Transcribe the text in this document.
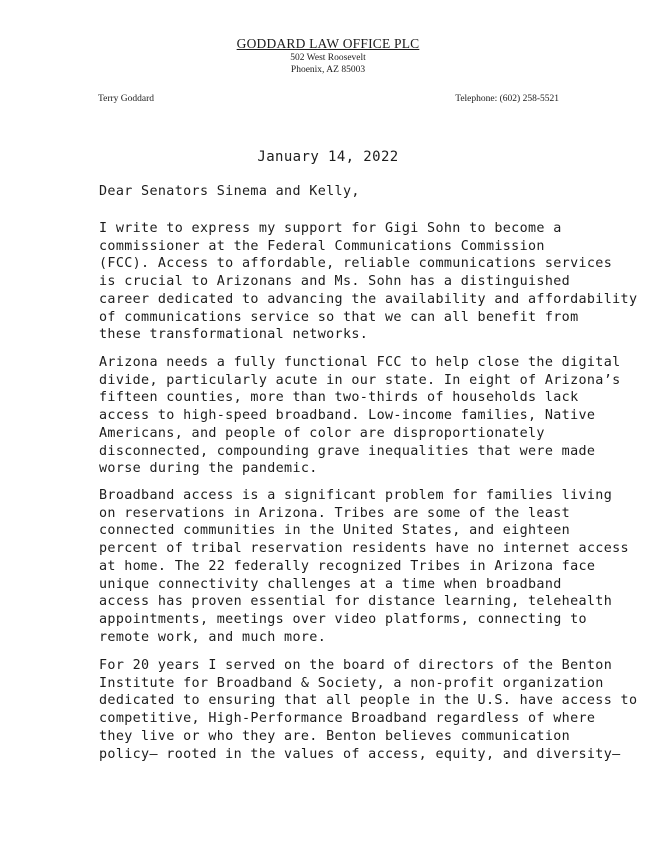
GODDARD LAW OFFICE PLC
502 West Roosevelt
Phoenix, AZ 85003
Terry Goddard	Telephone: (602) 258-5521
January 14, 2022
Dear Senators Sinema and Kelly,
I write to express my support for Gigi Sohn to become a
commissioner at the Federal Communications Commission
(FCC). Access to affordable, reliable communications services
is crucial to Arizonans and Ms. Sohn has a distinguished
career dedicated to advancing the availability and affordability
of communications service so that we can all benefit from
these transformational networks.
Arizona needs a fully functional FCC to help close the digital
divide, particularly acute in our state. In eight of Arizona’s
fifteen counties, more than two-thirds of households lack
access to high-speed broadband. Low-income families, Native
Americans, and people of color are disproportionately
disconnected, compounding grave inequalities that were made
worse during the pandemic.
Broadband access is a significant problem for families living
on reservations in Arizona. Tribes are some of the least
connected communities in the United States, and eighteen
percent of tribal reservation residents have no internet access
at home. The 22 federally recognized Tribes in Arizona face
unique connectivity challenges at a time when broadband
access has proven essential for distance learning, telehealth
appointments, meetings over video platforms, connecting to
remote work, and much more.
For 20 years I served on the board of directors of the Benton
Institute for Broadband & Society, a non-profit organization
dedicated to ensuring that all people in the U.S. have access to
competitive, High-Performance Broadband regardless of where
they live or who they are. Benton believes communication
policy— rooted in the values of access, equity, and diversity—
